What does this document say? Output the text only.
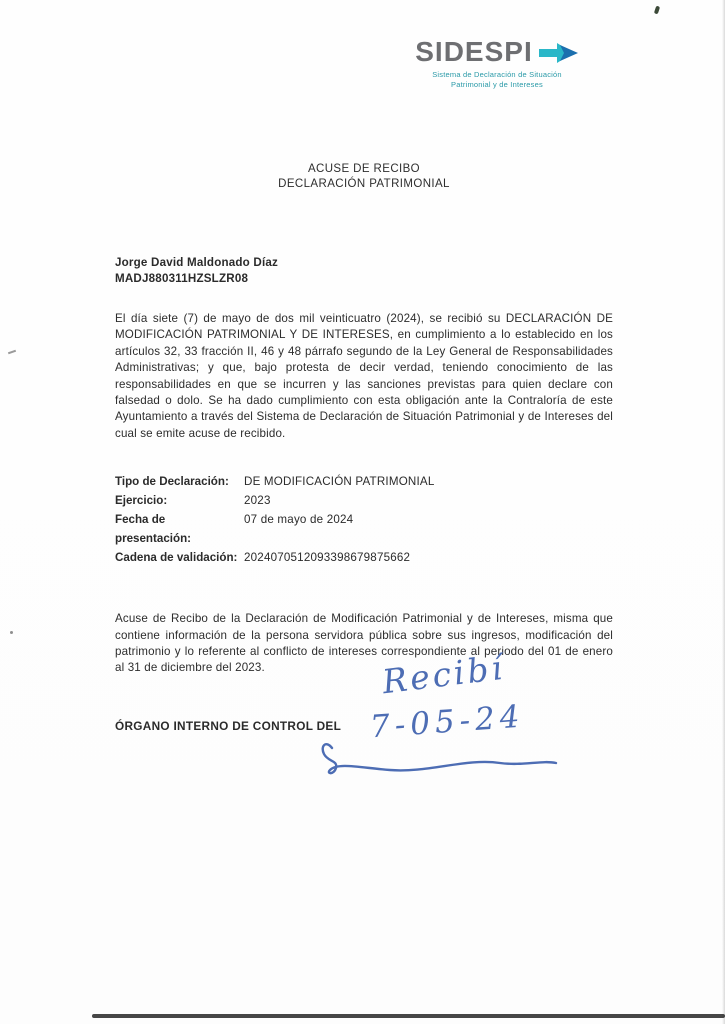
SIDESPI
Sistema de Declaración de Situación
Patrimonial y de Intereses
ACUSE DE RECIBO
DECLARACIÓN PATRIMONIAL
Jorge David Maldonado Díaz
MADJ880311HZSLZR08

El día siete (7) de mayo de dos mil veinticuatro (2024), se recibió su DECLARACIÓN DE MODIFICACIÓN PATRIMONIAL Y DE INTERESES, en cumplimiento a lo establecido en los artículos 32, 33 fracción II, 46 y 48 párrafo segundo de la Ley General de Responsabilidades Administrativas; y que, bajo protesta de decir verdad, teniendo conocimiento de las responsabilidades en que se incurren y las sanciones previstas para quien declare con falsedad o dolo. Se ha dado cumplimiento con esta obligación ante la Contraloría de este Ayuntamiento a través del Sistema de Declaración de Situación Patrimonial y de Intereses del cual se emite acuse de recibido.

Tipo de Declaración:	DE MODIFICACIÓN PATRIMONIAL
Ejercicio:	2023
Fecha de presentación:
07 de mayo de 2024
Cadena de validación: 2024070512093398679875662

Acuse de Recibo de la Declaración de Modificación Patrimonial y de Intereses, misma que contiene información de la persona servidora pública sobre sus ingresos, modificación del patrimonio y lo referente al conflicto de intereses correspondiente al periodo del 01 de enero al 31 de diciembre del 2023.

ÓRGANO INTERNO DE CONTROL DEL
Recibí
7-05-24
